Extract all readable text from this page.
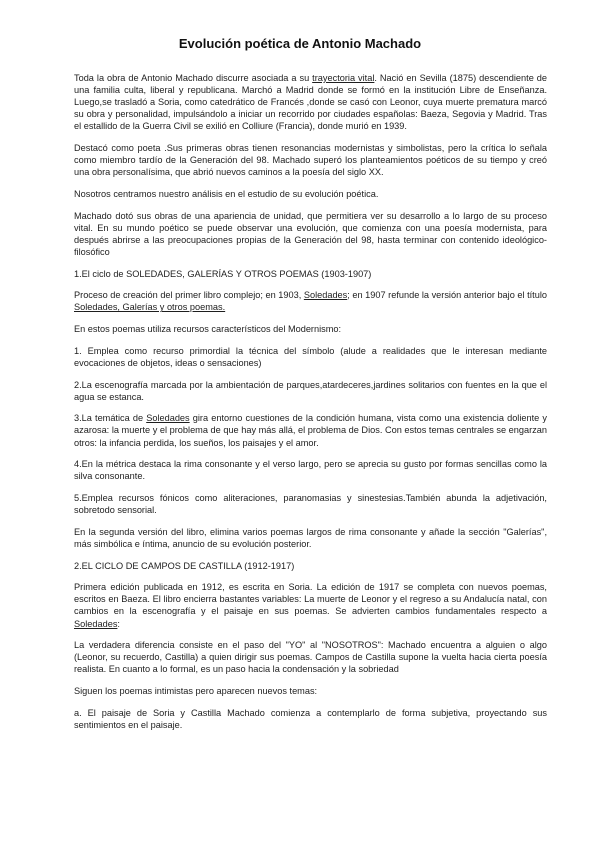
Evolución poética de Antonio Machado

Toda la obra de Antonio Machado discurre asociada a su trayectoria vital. Nació en Sevilla (1875) descendiente de una familia culta, liberal y republicana. Marchó a Madrid donde se formó en la institución Libre de Enseñanza. Luego,se trasladó a Soria, como catedrático de Francés ,donde se casó con Leonor, cuya muerte prematura marcó su obra y personalidad, impulsándolo a iniciar un recorrido por ciudades españolas: Baeza, Segovia y Madrid. Tras el estallido de la Guerra Civil se exilió en Colliure (Francia), donde murió en 1939.

Destacó como poeta .Sus primeras obras tienen resonancias modernistas y simbolistas, pero la crítica lo señala como miembro tardío de la Generación del 98. Machado superó los planteamientos poéticos de su tiempo y creó una obra personalísima, que abrió nuevos caminos a la poesía del siglo XX.

Nosotros centramos nuestro análisis en el estudio de su evolución poética.

Machado dotó sus obras de una apariencia de unidad, que permitiera ver su desarrollo a lo largo de su proceso vital. En su mundo poético se puede observar una evolución, que comienza con una poesía modernista, para después abrirse a las preocupaciones propias de la Generación del 98, hasta terminar con contenido ideológico-filosófico

1.El ciclo de SOLEDADES, GALERÍAS Y OTROS POEMAS (1903-1907)

Proceso de creación del primer libro complejo; en 1903, Soledades; en 1907 refunde la versión anterior bajo el título Soledades, Galerías y otros poemas.

En estos poemas utiliza recursos característicos del Modernismo:

1. Emplea como recurso primordial la técnica del símbolo (alude a realidades que le interesan mediante evocaciones de objetos, ideas o sensaciones)

2.La escenografía marcada por la ambientación de parques,atardeceres,jardines solitarios con fuentes en la que el agua se estanca.

3.La temática de Soledades gira entorno cuestiones de la condición humana, vista como una existencia doliente y azarosa: la muerte y el problema de que hay más allá, el problema de Dios. Con estos temas centrales se engarzan otros: la infancia perdida, los sueños, los paisajes y el amor.

4.En la métrica destaca la rima consonante y el verso largo, pero se aprecia su gusto por formas sencillas como la silva consonante.

5.Emplea recursos fónicos como aliteraciones, paranomasias y sinestesias.También abunda la adjetivación, sobretodo sensorial.

En la segunda versión del libro, elimina varios poemas largos de rima consonante y añade la sección "Galerías", más simbólica e íntima, anuncio de su evolución posterior.

2.EL CICLO DE CAMPOS DE CASTILLA (1912-1917)

Primera edición publicada en 1912, es escrita en Soria. La edición de 1917 se completa con nuevos poemas, escritos en Baeza. El libro encierra bastantes variables: La muerte de Leonor y el regreso a su Andalucía natal, con cambios en la escenografía y el paisaje en sus poemas. Se advierten cambios fundamentales respecto a Soledades:

La verdadera diferencia consiste en el paso del "YO" al "NOSOTROS": Machado encuentra a alguien o algo (Leonor, su recuerdo, Castilla) a quien dirigir sus poemas. Campos de Castilla supone la vuelta hacia cierta poesía realista. En cuanto a lo formal, es un paso hacia la condensación y la sobriedad

Siguen los poemas intimistas pero aparecen nuevos temas:

a. El paisaje de Soria y Castilla Machado comienza a contemplarlo de forma subjetiva, proyectando sus sentimientos en el paisaje.
